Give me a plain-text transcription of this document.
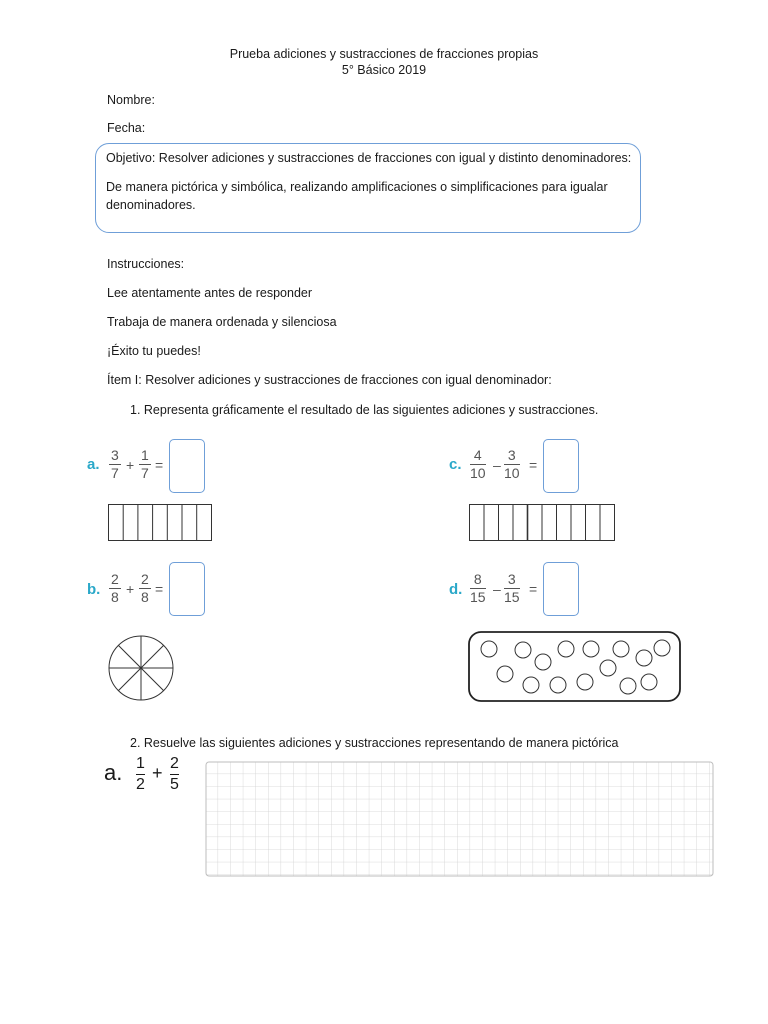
Prueba adiciones y sustracciones de fracciones propias
5° Básico 2019
Nombre:
Fecha:
Objetivo: Resolver adiciones y sustracciones de fracciones con igual y distinto denominadores:
De manera pictórica y simbólica, realizando amplificaciones o simplificaciones para igualar
denominadores.
Instrucciones:
Lee atentamente antes de responder
Trabaja de manera ordenada y silenciosa
¡Éxito tu puedes!
Ítem I: Resolver adiciones y sustracciones de fracciones con igual denominador:
1. Representa gráficamente el resultado de las siguientes adiciones y sustracciones.
a.
3
7 +
1
7 =	c.
4
10 –
3
10 =
b.
2
8 +
2
8 =	d.
8
15 –
3
15 =
2. Resuelve las siguientes adiciones y sustracciones representando de manera pictórica
a. 1
2
+ 2
5
